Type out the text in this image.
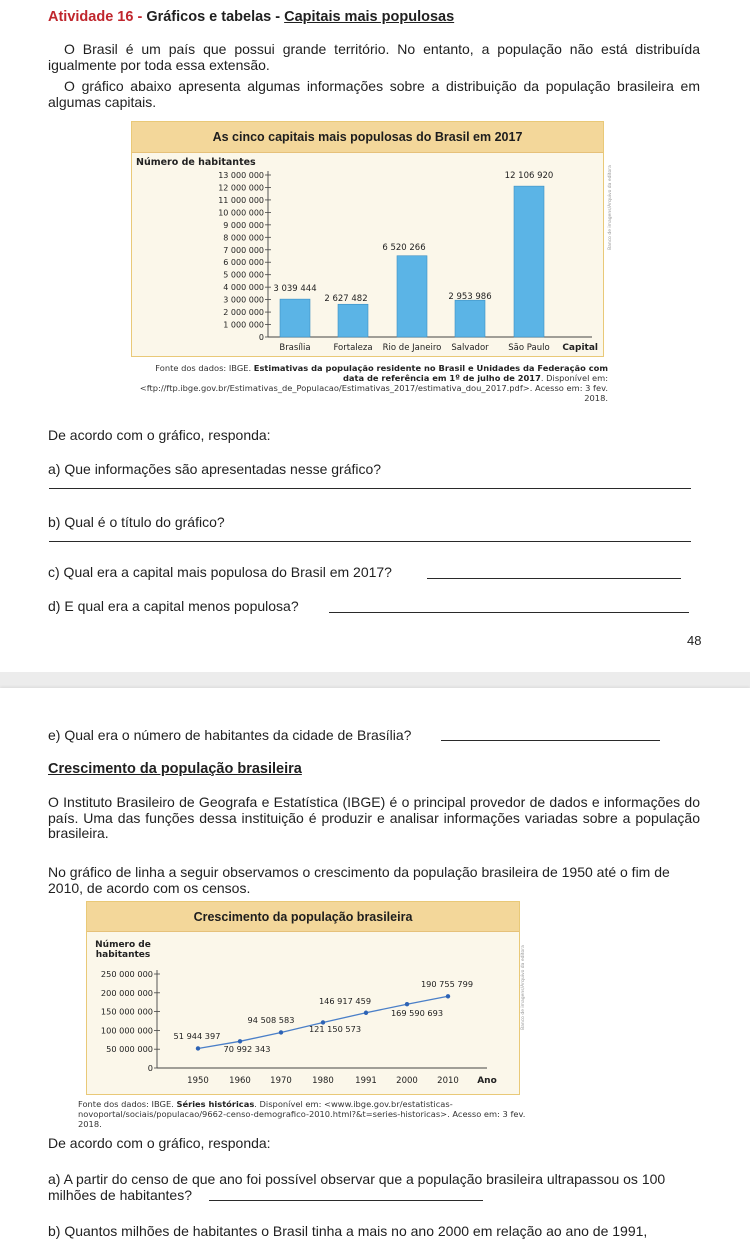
Atividade 16 - Gráficos e tabelas - Capitais mais populosas

O Brasil é um país que possui grande território. No entanto, a população não está distribuída igualmente por toda essa extensão.

O gráfico abaixo apresenta algumas informações sobre a distribuição da população brasileira em algumas capitais.

As cinco capitais mais populosas do Brasil em 2017
Número de habitantes
0
1 000 000
2 000 000
3 000 000
4 000 000
5 000 000
6 000 000
7 000 000
8 000 000
9 000 000
10 000 000
11 000 000
12 000 000
13 000 000
Brasília	Fortaleza Rio de Janeiro Salvador São Paulo
3 039 444
2 627 482
6 520 266
2 953 986
12 106 920
Capital
Banco de imagens/Arquivo da editora
Fonte dos dados: IBGE. Estimativas da população residente no Brasil e Unidades da Federação com data de referência em 1º de julho de 2017. Disponível em: <ftp://ftp.ibge.gov.br/Estimativas_de_Populacao/Estimativas_2017/estimativa_dou_2017.pdf>. Acesso em: 3 fev. 2018.
De acordo com o gráfico, responda:
a) Que informações são apresentadas nesse gráfico?
b) Qual é o título do gráfico?
c) Qual era a capital mais populosa do Brasil em 2017?
d) E qual era a capital menos populosa?
48
e) Qual era o número de habitantes da cidade de Brasília?
Crescimento da população brasileira

O Instituto Brasileiro de Geografa e Estatística (IBGE) é o principal provedor de dados e informações do país. Uma das funções dessa instituição é produzir e analisar informações variadas sobre a população brasileira.

No gráfico de linha a seguir observamos o crescimento da população brasileira de 1950 até o fim de 2010, de acordo com os censos.

Crescimento da população brasileira
Número de
habitantes
0
50 000 000
100 000 000
150 000 000
200 000 000
250 000 000
1950 1960 1970 1980	1991 2000 2010 Ano
51 944 397
70 992 343
94 508 583
121 150 573
146 917 459
169 590 693
190 755 799	Banco de imagens/Arquivo da editora
Fonte dos dados: IBGE. Séries históricas. Disponível em: <www.ibge.gov.br/estatisticas-novoportal/sociais/populacao/9662-censo-demografico-2010.html?&t=series-historicas>. Acesso em: 3 fev. 2018.
De acordo com o gráfico, responda:

a) A partir do censo de que ano foi possível observar que a população brasileira ultrapassou os 100 milhões de habitantes?

b) Quantos milhões de habitantes o Brasil tinha a mais no ano 2000 em relação ao ano de 1991,
